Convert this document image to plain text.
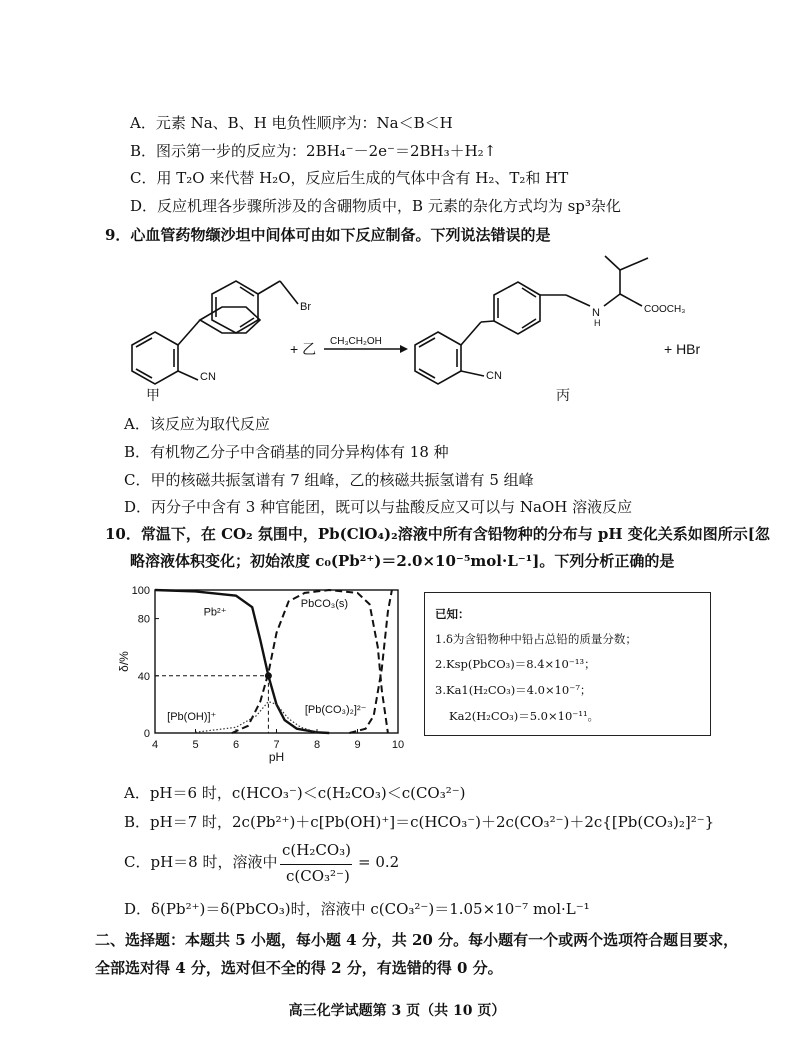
A．元素 Na、B、H 电负性顺序为：Na＜B＜H
B．图示第一步的反应为：2BH₄⁻－2e⁻＝2BH₃＋H₂↑
C．用 T₂O 来代替 H₂O，反应后生成的气体中含有 H₂、T₂和 HT
D．反应机理各步骤所涉及的含硼物质中，B 元素的杂化方式均为 sp³杂化
9．心血管药物缬沙坦中间体可由如下反应制备。下列说法错误的是
Br
CN
+ 乙 CH₃CH₂OH
N
H
COOCH₃
CN
+ HBr
甲	丙
A．该反应为取代反应
B．有机物乙分子中含硝基的同分异构体有 18 种
C．甲的核磁共振氢谱有 7 组峰，乙的核磁共振氢谱有 5 组峰
D．丙分子中含有 3 种官能团，既可以与盐酸反应又可以与 NaOH 溶液反应
10．常温下，在 CO₂ 氛围中，Pb(ClO₄)₂溶液中所有含铅物种的分布与 pH 变化关系如图所示[忽
略溶液体积变化；初始浓度 c₀(Pb²⁺)＝2.0×10⁻⁵mol·L⁻¹]。下列分析正确的是
4	5	6	7	8	9	10
0
40
80
100
pH
δ/%
Pb²⁺
PbCO₃(s)
[Pb(OH)]⁺
[Pb(CO₃)₂]²⁻
已知：
1.δ为含铅物种中铅占总铅的质量分数；
2.Ksp(PbCO₃)＝8.4×10⁻¹³；
3.Ka1(H₂CO₃)＝4.0×10⁻⁷；
Ka2(H₂CO₃)＝5.0×10⁻¹¹。
A．pH＝6 时，c(HCO₃⁻)＜c(H₂CO₃)＜c(CO₃²⁻)
B．pH＝7 时，2c(Pb²⁺)＋c[Pb(OH)⁺]＝c(HCO₃⁻)＋2c(CO₃²⁻)＋2c{[Pb(CO₃)₂]²⁻}
C．pH＝8 时，溶液中
c(H₂CO₃)
c(CO₃²⁻)
= 0.2
D．δ(Pb²⁺)＝δ(PbCO₃)时，溶液中 c(CO₃²⁻)＝1.05×10⁻⁷ mol·L⁻¹
二、选择题：本题共 5 小题，每小题 4 分，共 20 分。每小题有一个或两个选项符合题目要求，
全部选对得 4 分，选对但不全的得 2 分，有选错的得 0 分。
高三化学试题第 3 页（共 10 页）
